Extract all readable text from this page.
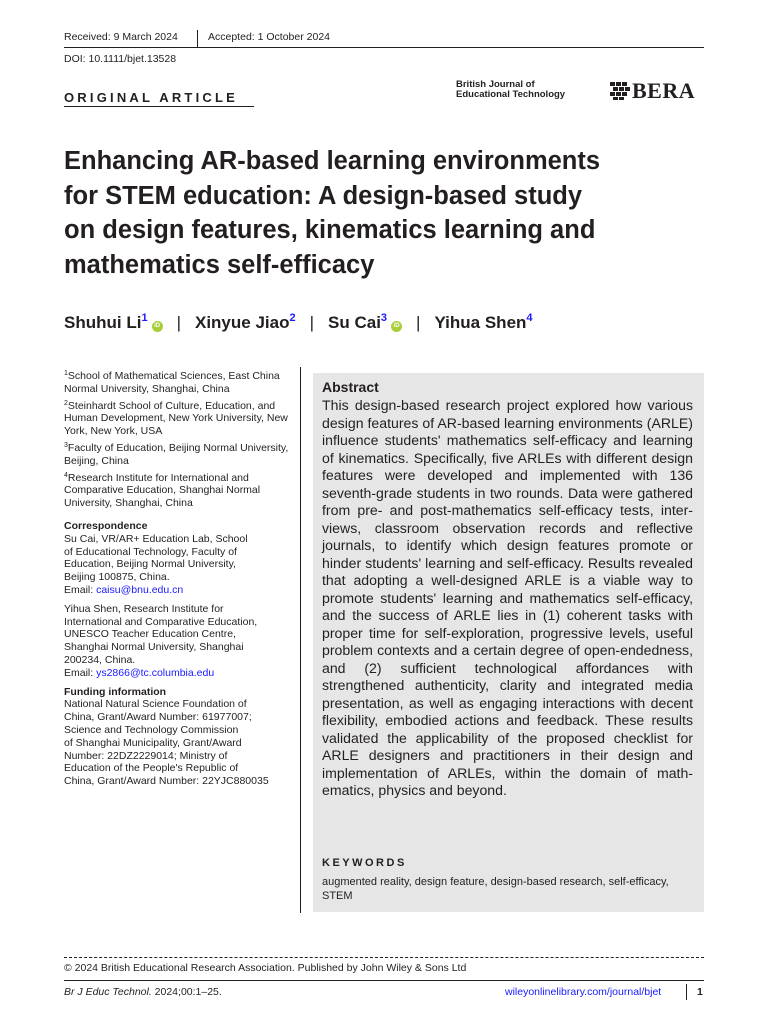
Received: 9 March 2024	Accepted: 1 October 2024
DOI: 10.1111/bjet.13528
ORIGINAL ARTICLE
British Journal of
Educational Technology	BERA
Enhancing AR-based learning environments
for STEM education: A design-based study
on design features, kinematics learning and
mathematics self-efficacy
Shuhui Li$^1$iD | Xinyue Jiao$^2$ | Su Cai$^3$iD | Yihua Shen$^4$
$^1$School of Mathematical Sciences, East China Normal University, Shanghai, China
$^2$Steinhardt School of Culture, Education, and Human Development, New York University, New York, New York, USA
$^3$Faculty of Education, Beijing Normal University, Beijing, China
$^4$Research Institute for International and Comparative Education, Shanghai Normal University, Shanghai, China
Correspondence
Su Cai, VR/AR+ Education Lab, School
of Educational Technology, Faculty of
Education, Beijing Normal University,
Beijing 100875, China.
Email: caisu@bnu.edu.cn
Yihua Shen, Research Institute for
International and Comparative Education,
UNESCO Teacher Education Centre,
Shanghai Normal University, Shanghai
200234, China.
Email: ys2866@tc.columbia.edu
Funding information
National Natural Science Foundation of
China, Grant/Award Number: 61977007;
Science and Technology Commission
of Shanghai Municipality, Grant/Award
Number: 22DZ2229014; Ministry of
Education of the People's Republic of
China, Grant/Award Number: 22YJC880035
Abstract
This design-based research project explored how various design features of AR-based learning environments (ARLE) influence students' mathematics self-efficacy and learning of kinematics. Specifically, five ARLEs with different design features were developed and implemented with 136 seventh-grade students in two rounds. Data were gathered from pre- and post-mathematics self-efficacy tests, interviews, classroom observation records and reflective journals, to identify which design features promote or hinder students' learning and self-efficacy. Results revealed that adopting a well-designed ARLE is a viable way to promote students' learning and mathematics self-efficacy, and the success of ARLE lies in (1) coherent tasks with proper time for self-exploration, progressive levels, useful problem contexts and a certain degree of open-endedness, and (2) sufficient technological affordances with strengthened authenticity, clarity and integrated media presentation, as well as engaging interactions with decent flexibility, embodied actions and feedback. These results validated the applicability of the proposed checklist for ARLE designers and practitioners in their design and implementation of ARLEs, within the domain of mathematics, physics and beyond.
KEYWORDS
augmented reality, design feature, design-based research, self-efficacy, STEM
© 2024 British Educational Research Association. Published by John Wiley & Sons Ltd
Br J Educ Technol. 2024;00:1–25.	wileyonlinelibrary.com/journal/bjet	1
